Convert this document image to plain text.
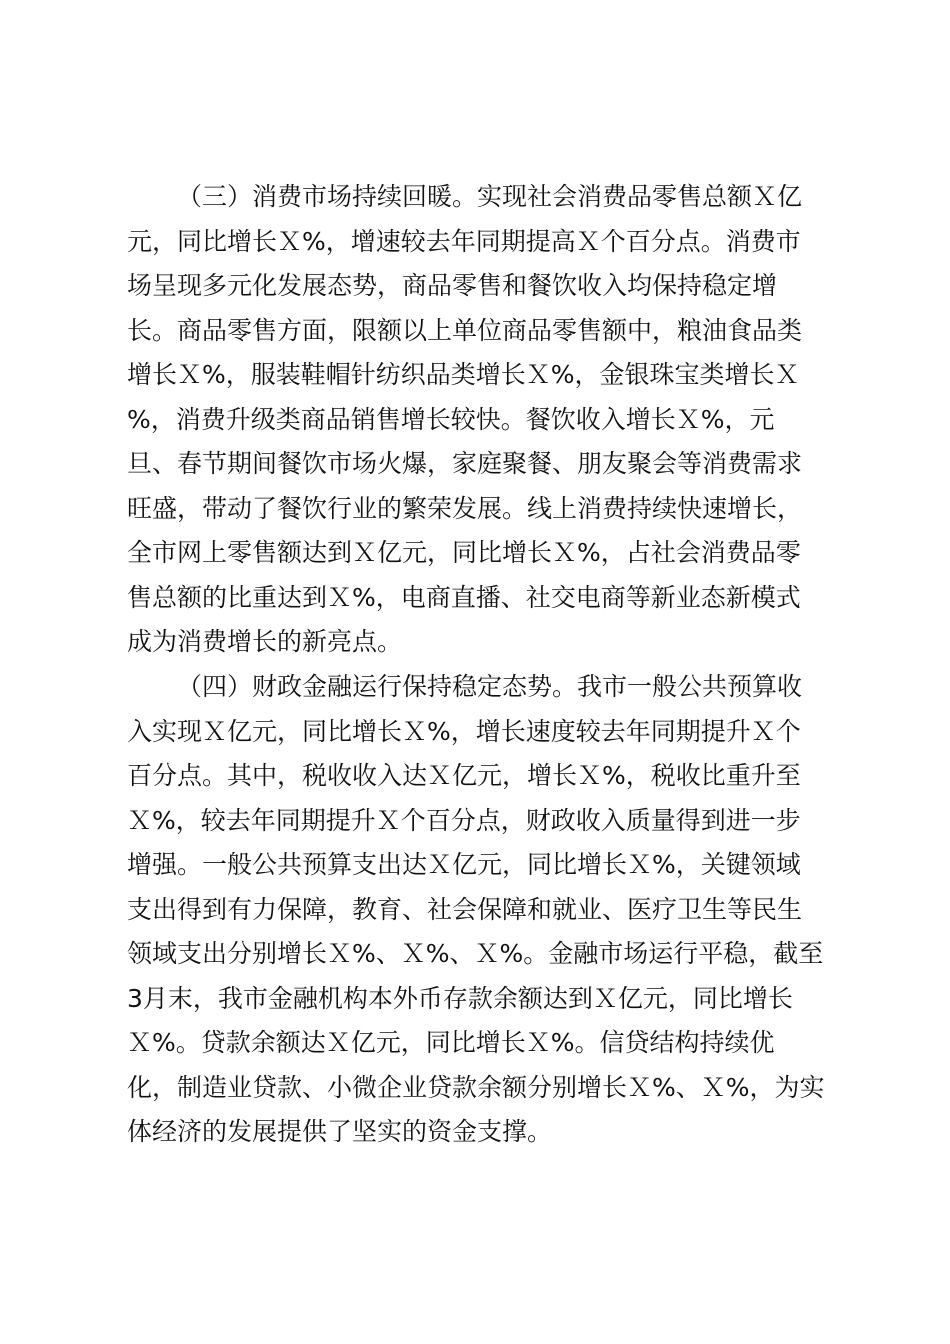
（三）消费市场持续回暖。实现社会消费品零售总额Ｘ亿
元，同比增长Ｘ%，增速较去年同期提高Ｘ个百分点。消费市
场呈现多元化发展态势，商品零售和餐饮收入均保持稳定增
长。商品零售方面，限额以上单位商品零售额中，粮油食品类
增长Ｘ%，服装鞋帽针纺织品类增长Ｘ%，金银珠宝类增长Ｘ
%，消费升级类商品销售增长较快。餐饮收入增长Ｘ%，元
旦、春节期间餐饮市场火爆，家庭聚餐、朋友聚会等消费需求
旺盛，带动了餐饮行业的繁荣发展。线上消费持续快速增长，
全市网上零售额达到Ｘ亿元，同比增长Ｘ%，占社会消费品零
售总额的比重达到Ｘ%，电商直播、社交电商等新业态新模式
成为消费增长的新亮点。
（四）财政金融运行保持稳定态势。我市一般公共预算收
入实现Ｘ亿元，同比增长Ｘ%，增长速度较去年同期提升Ｘ个
百分点。其中，税收收入达Ｘ亿元，增长Ｘ%，税收比重升至
Ｘ%，较去年同期提升Ｘ个百分点，财政收入质量得到进一步
增强。一般公共预算支出达Ｘ亿元，同比增长Ｘ%，关键领域
支出得到有力保障，教育、社会保障和就业、医疗卫生等民生
领域支出分别增长Ｘ%、Ｘ%、Ｘ%。金融市场运行平稳，截至
3月末，我市金融机构本外币存款余额达到Ｘ亿元，同比增长
Ｘ%。贷款余额达Ｘ亿元，同比增长Ｘ%。信贷结构持续优
化，制造业贷款、小微企业贷款余额分别增长Ｘ%、Ｘ%，为实
体经济的发展提供了坚实的资金支撑。
